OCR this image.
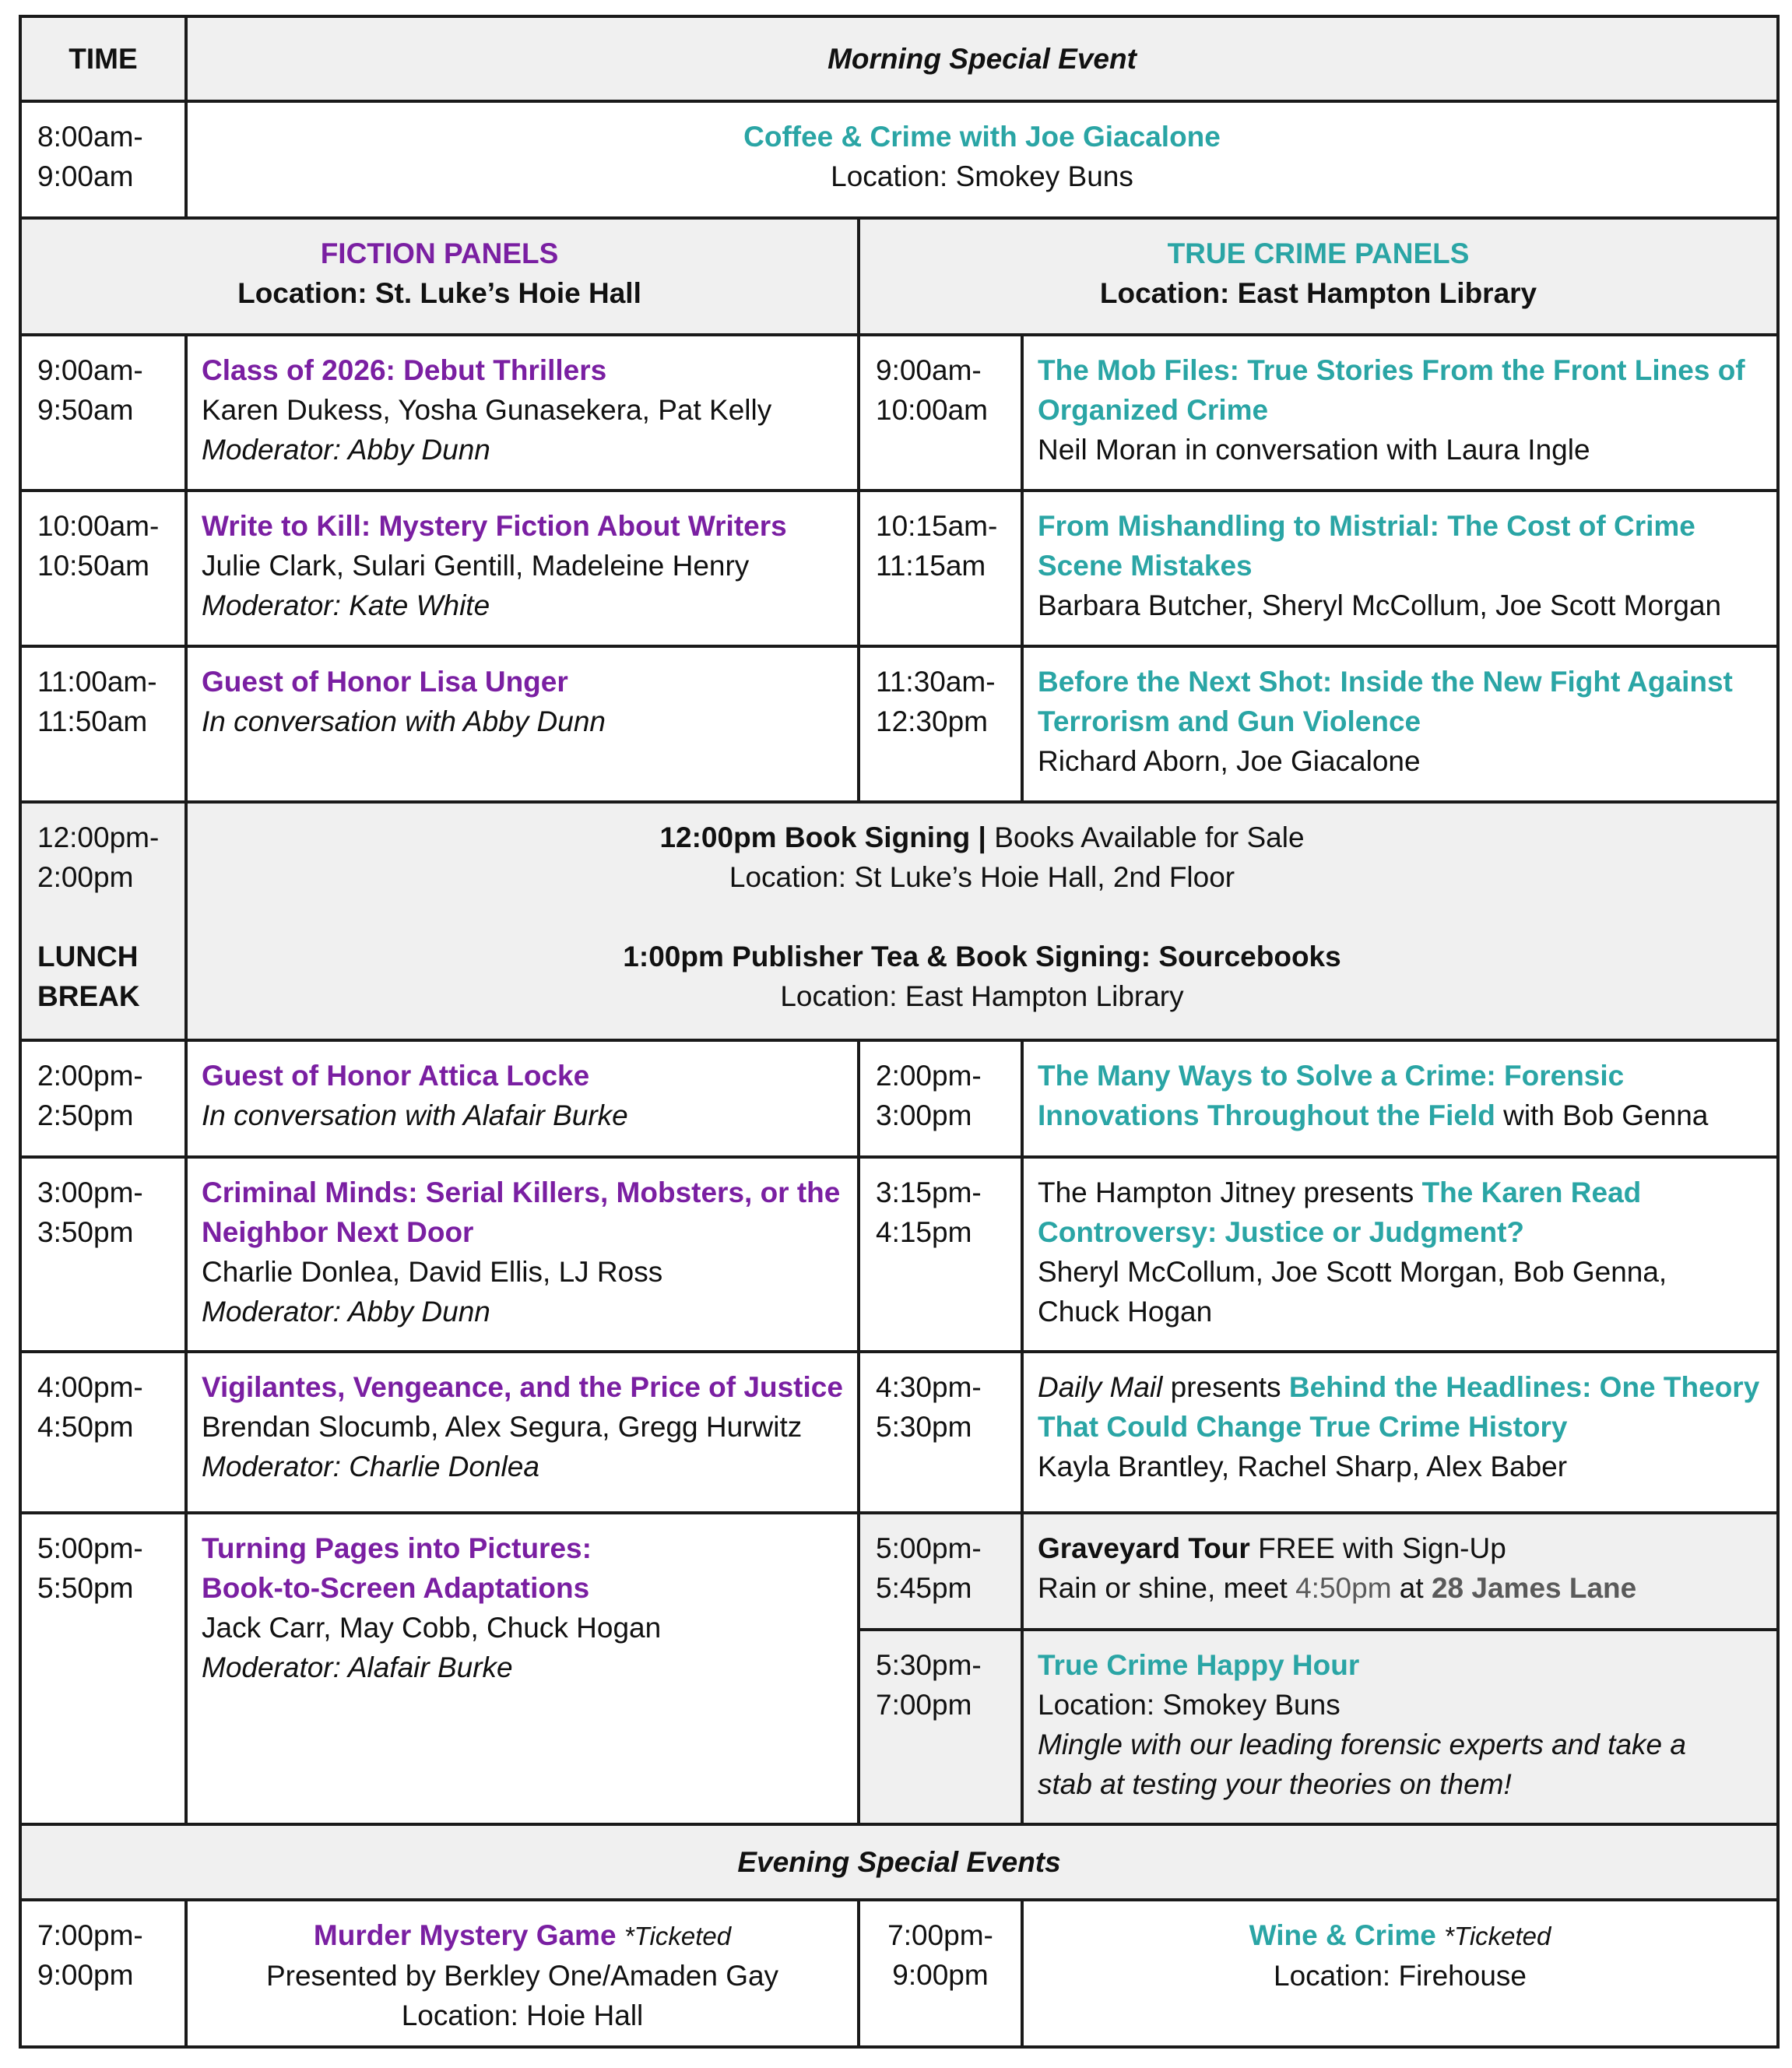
TIME	Morning Special Event		

8:00am-
9:00am	Coffee & Crime with Joe Giacalone
Location: Smokey Buns		

FICTION PANELS
Location: St. Luke’s Hoie Hall		TRUE CRIME PANELS
Location: East Hampton Library	

9:00am-
9:50am	Class of 2026: Debut Thrillers
Karen Dukess, Yosha Gunasekera, Pat Kelly
Moderator: Abby Dunn	9:00am-
10:00am	The Mob Files: True Stories From the Front Lines of
Organized Crime
Neil Moran in conversation with Laura Ingle

10:00am-
10:50am	Write to Kill: Mystery Fiction About Writers
Julie Clark, Sulari Gentill, Madeleine Henry
Moderator: Kate White	10:15am-
11:15am	From Mishandling to Mistrial: The Cost of Crime
Scene Mistakes
Barbara Butcher, Sheryl McCollum, Joe Scott Morgan

11:00am-
11:50am	Guest of Honor Lisa Unger
In conversation with Abby Dunn	11:30am-
12:30pm	Before the Next Shot: Inside the New Fight Against
Terrorism and Gun Violence
Richard Aborn, Joe Giacalone

12:00pm-
2:00pm
LUNCH
BREAK	12:00pm Book Signing | Books Available for Sale
Location: St Luke’s Hoie Hall, 2nd Floor
1:00pm Publisher Tea & Book Signing: Sourcebooks
Location: East Hampton Library		

2:00pm-
2:50pm	Guest of Honor Attica Locke
In conversation with Alafair Burke	2:00pm-
3:00pm	The Many Ways to Solve a Crime: Forensic
Innovations Throughout the Field with Bob Genna

3:00pm-
3:50pm	Criminal Minds: Serial Killers, Mobsters, or the
Neighbor Next Door
Charlie Donlea, David Ellis, LJ Ross
Moderator: Abby Dunn	3:15pm-
4:15pm	The Hampton Jitney presents The Karen Read
Controversy: Justice or Judgment?
Sheryl McCollum, Joe Scott Morgan, Bob Genna,
Chuck Hogan

4:00pm-
4:50pm	Vigilantes, Vengeance, and the Price of Justice
Brendan Slocumb, Alex Segura, Gregg Hurwitz
Moderator: Charlie Donlea	4:30pm-
5:30pm	Daily Mail presents Behind the Headlines: One Theory
That Could Change True Crime History
Kayla Brantley, Rachel Sharp, Alex Baber

5:00pm-
5:50pm	Turning Pages into Pictures:
Book-to-Screen Adaptations
Jack Carr, May Cobb, Chuck Hogan
Moderator: Alafair Burke	5:00pm-
5:45pm	Graveyard Tour FREE with Sign-Up
Rain or shine, meet 4:50pm at 28 James Lane

		5:30pm-
7:00pm	True Crime Happy Hour
Location: Smokey Buns
Mingle with our leading forensic experts and take a
stab at testing your theories on them!

Evening Special Events			

7:00pm-
9:00pm	Murder Mystery Game *Ticketed
Presented by Berkley One/Amaden Gay
Location: Hoie Hall	7:00pm-
9:00pm	Wine & Crime *Ticketed
Location: Firehouse
